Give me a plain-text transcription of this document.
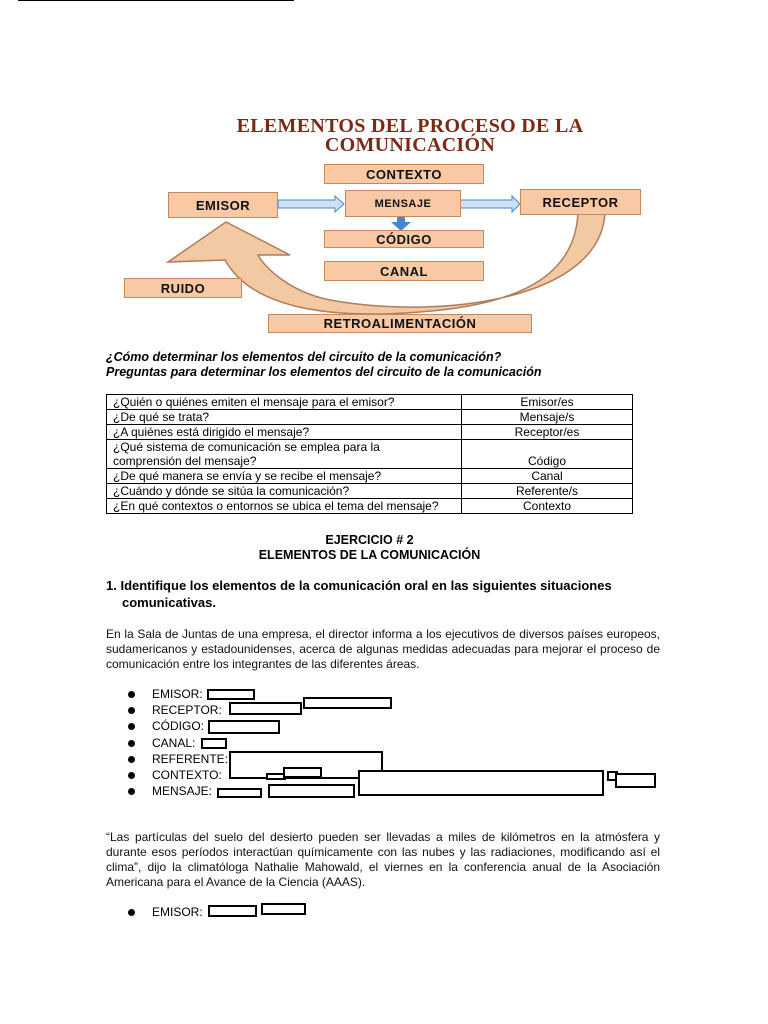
ELEMENTOS DEL PROCESO DE LA
COMUNICACIÓN
CONTEXTO
EMISOR	MENSAJE	RECEPTOR
CÓDIGO
CANAL
RUIDO
RETROALIMENTACIÓN
¿Cómo determinar los elementos del circuito de la comunicación?
Preguntas para determinar los elementos del circuito de la comunicación
¿Quién o quiénes emiten el mensaje para el emisor?	Emisor/es
¿De qué se trata?	Mensaje/s
¿A quiénes está dirigido el mensaje?	Receptor/es
¿Qué sistema de comunicación se emplea para la comprensión del mensaje?	Código
¿De qué manera se envía y se recibe el mensaje?	Canal
¿Cuándo y dónde se sitúa la comunicación?	Referente/s
¿En qué contextos o entornos se ubica el tema del mensaje?	Contexto
EJERCICIO # 2
ELEMENTOS DE LA COMUNICACIÓN
1. Identifique los elementos de la comunicación oral en las siguientes situaciones
comunicativas.
En la Sala de Juntas de una empresa, el director informa a los ejecutivos de diversos países europeos, sudamericanos y estadounidenses, acerca de algunas medidas adecuadas para mejorar el proceso de comunicación entre los integrantes de las diferentes áreas.
EMISOR:
RECEPTOR:
CÓDIGO:
CANAL:
REFERENTE:
CONTEXTO:
MENSAJE:
“Las partículas del suelo del desierto pueden ser llevadas a miles de kilómetros en la atmósfera y durante esos períodos interactúan químicamente con las nubes y las radiaciones, modificando así el clima”, dijo la climatóloga Nathalie Mahowald, el viernes en la conferencia anual de la Asociación Americana para el Avance de la Ciencia (AAAS).
EMISOR:
